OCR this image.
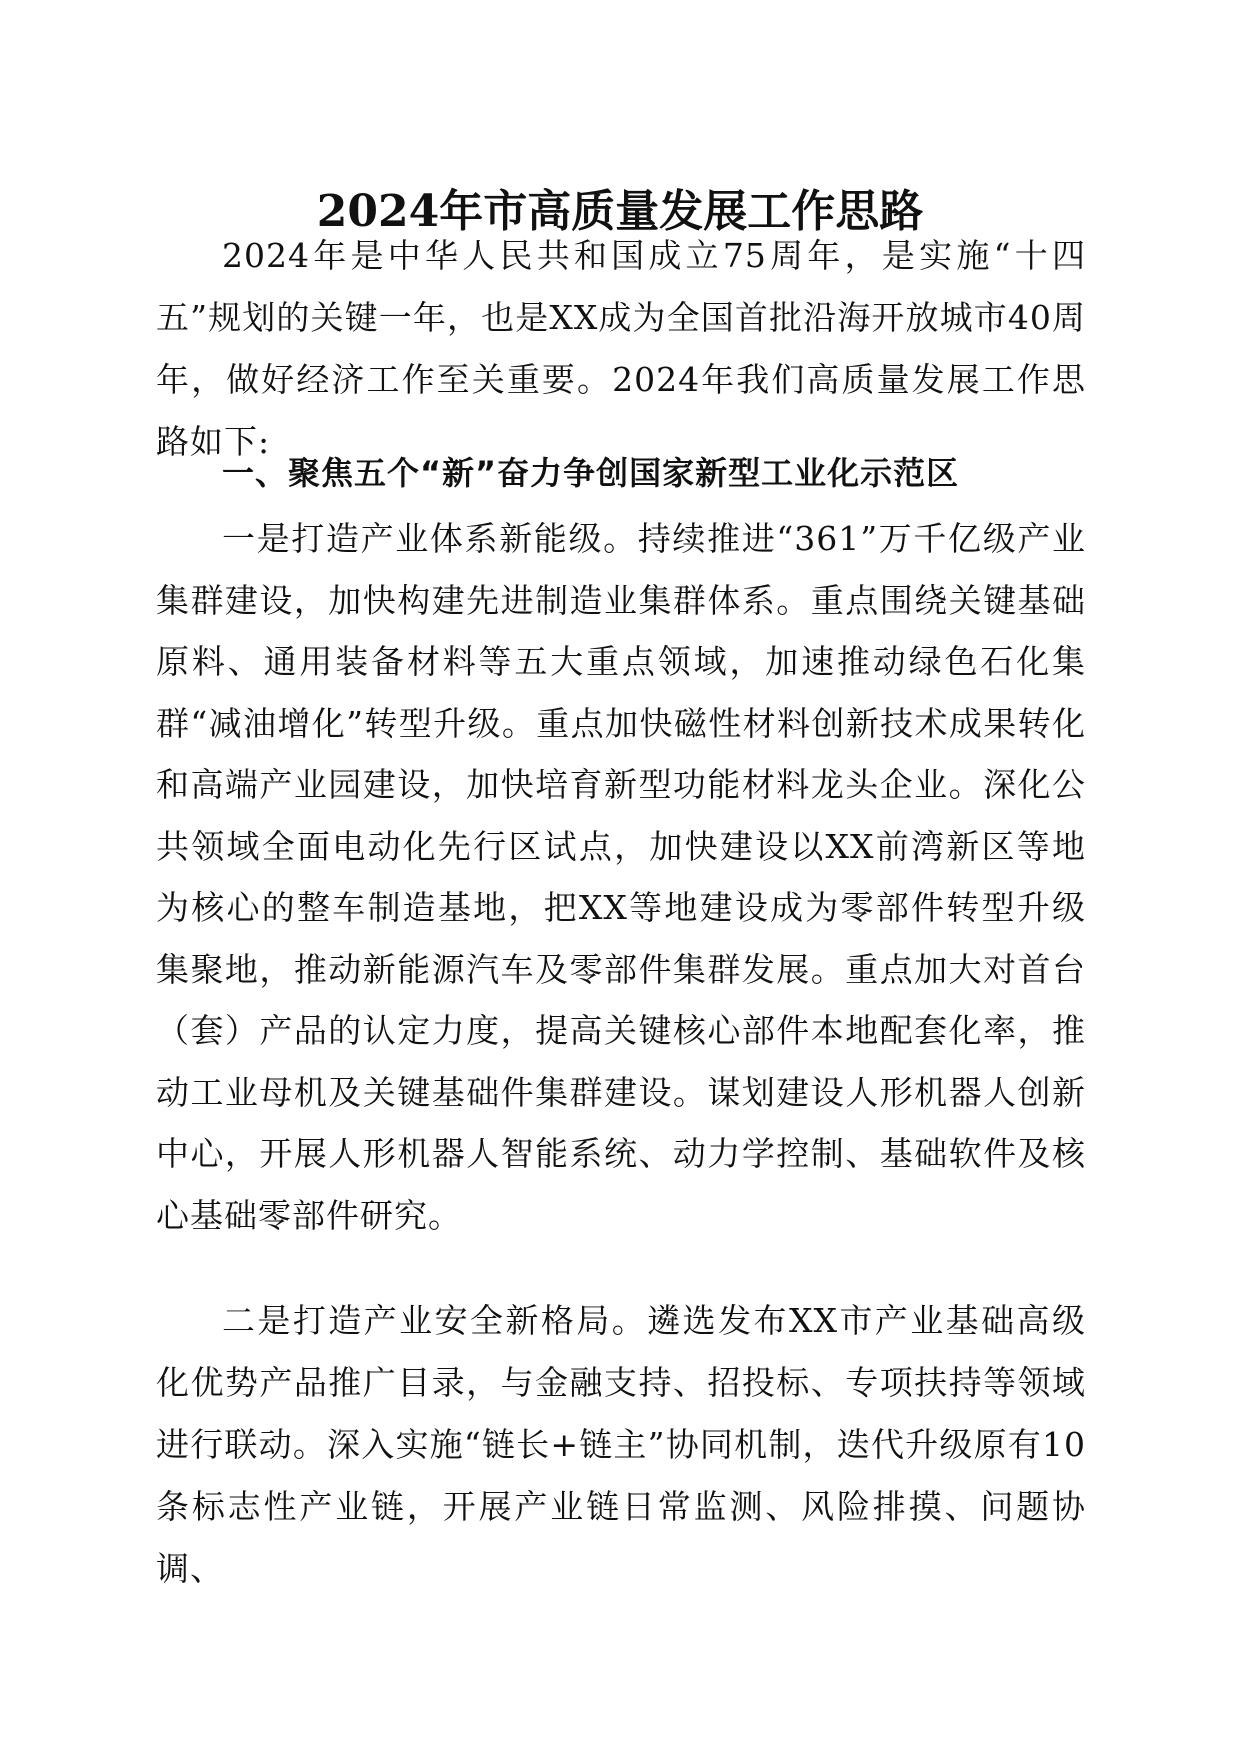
2024年市高质量发展工作思路

2024年是中华人民共和国成立75周年，是实施“十四五”规划的关键一年，也是XX成为全国首批沿海开放城市40周年，做好经济工作至关重要。2024年我们高质量发展工作思路如下:

一、聚焦五个“新”奋力争创国家新型工业化示范区

一是打造产业体系新能级。持续推进“361”万千亿级产业集群建设，加快构建先进制造业集群体系。重点围绕关键基础原料、通用装备材料等五大重点领域，加速推动绿色石化集群“减油增化”转型升级。重点加快磁性材料创新技术成果转化和高端产业园建设，加快培育新型功能材料龙头企业。深化公共领域全面电动化先行区试点，加快建设以XX前湾新区等地为核心的整车制造基地，把XX等地建设成为零部件转型升级集聚地，推动新能源汽车及零部件集群发展。重点加大对首台（套）产品的认定力度，提高关键核心部件本地配套化率，推动工业母机及关键基础件集群建设。谋划建设人形机器人创新中心，开展人形机器人智能系统、动力学控制、基础软件及核心基础零部件研究。

二是打造产业安全新格局。遴选发布XX市产业基础高级化优势产品推广目录，与金融支持、招投标、专项扶持等领域进行联动。深入实施“链长+链主”协同机制，迭代升级原有10条标志性产业链，开展产业链日常监测、风险排摸、问题协调、
